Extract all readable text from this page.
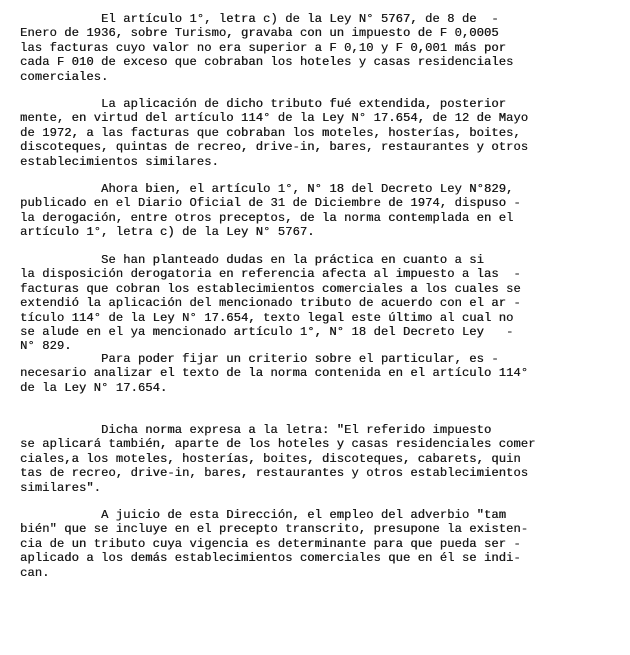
El artículo 1°, letra c) de la Ley N° 5767, de 8 de  -
Enero de 1936, sobre Turismo, gravaba con un impuesto de F 0,0005
las facturas cuyo valor no era superior a F 0,10 y F 0,001 más por
cada F 010 de exceso que cobraban los hoteles y casas residenciales
comerciales.
La aplicación de dicho tributo fué extendida, posterior
mente, en virtud del artículo 114° de la Ley N° 17.654, de 12 de Mayo
de 1972, a las facturas que cobraban los moteles, hosterías, boites,
discoteques, quintas de recreo, drive-in, bares, restaurantes y otros
establecimientos similares.
Ahora bien, el artículo 1°, N° 18 del Decreto Ley N°829,
publicado en el Diario Oficial de 31 de Diciembre de 1974, dispuso -
la derogación, entre otros preceptos, de la norma contemplada en el
artículo 1°, letra c) de la Ley N° 5767.
Se han planteado dudas en la práctica en cuanto a si
la disposición derogatoria en referencia afecta al impuesto a las  -
facturas que cobran los establecimientos comerciales a los cuales se
extendió la aplicación del mencionado tributo de acuerdo con el ar -
tículo 114° de la Ley N° 17.654, texto legal este último al cual no
se alude en el ya mencionado artículo 1°, N° 18 del Decreto Ley   -
N° 829.
Para poder fijar un criterio sobre el particular, es -
necesario analizar el texto de la norma contenida en el artículo 114°
de la Ley N° 17.654.
Dicha norma expresa a la letra: "El referido impuesto
se aplicará también, aparte de los hoteles y casas residenciales comer
ciales,a los moteles, hosterías, boites, discoteques, cabarets, quin
tas de recreo, drive-in, bares, restaurantes y otros establecimientos
similares".
A juicio de esta Dirección, el empleo del adverbio "tam
bién" que se incluye en el precepto transcrito, presupone la existen-
cia de un tributo cuya vigencia es determinante para que pueda ser -
aplicado a los demás establecimientos comerciales que en él se indi-
can.
